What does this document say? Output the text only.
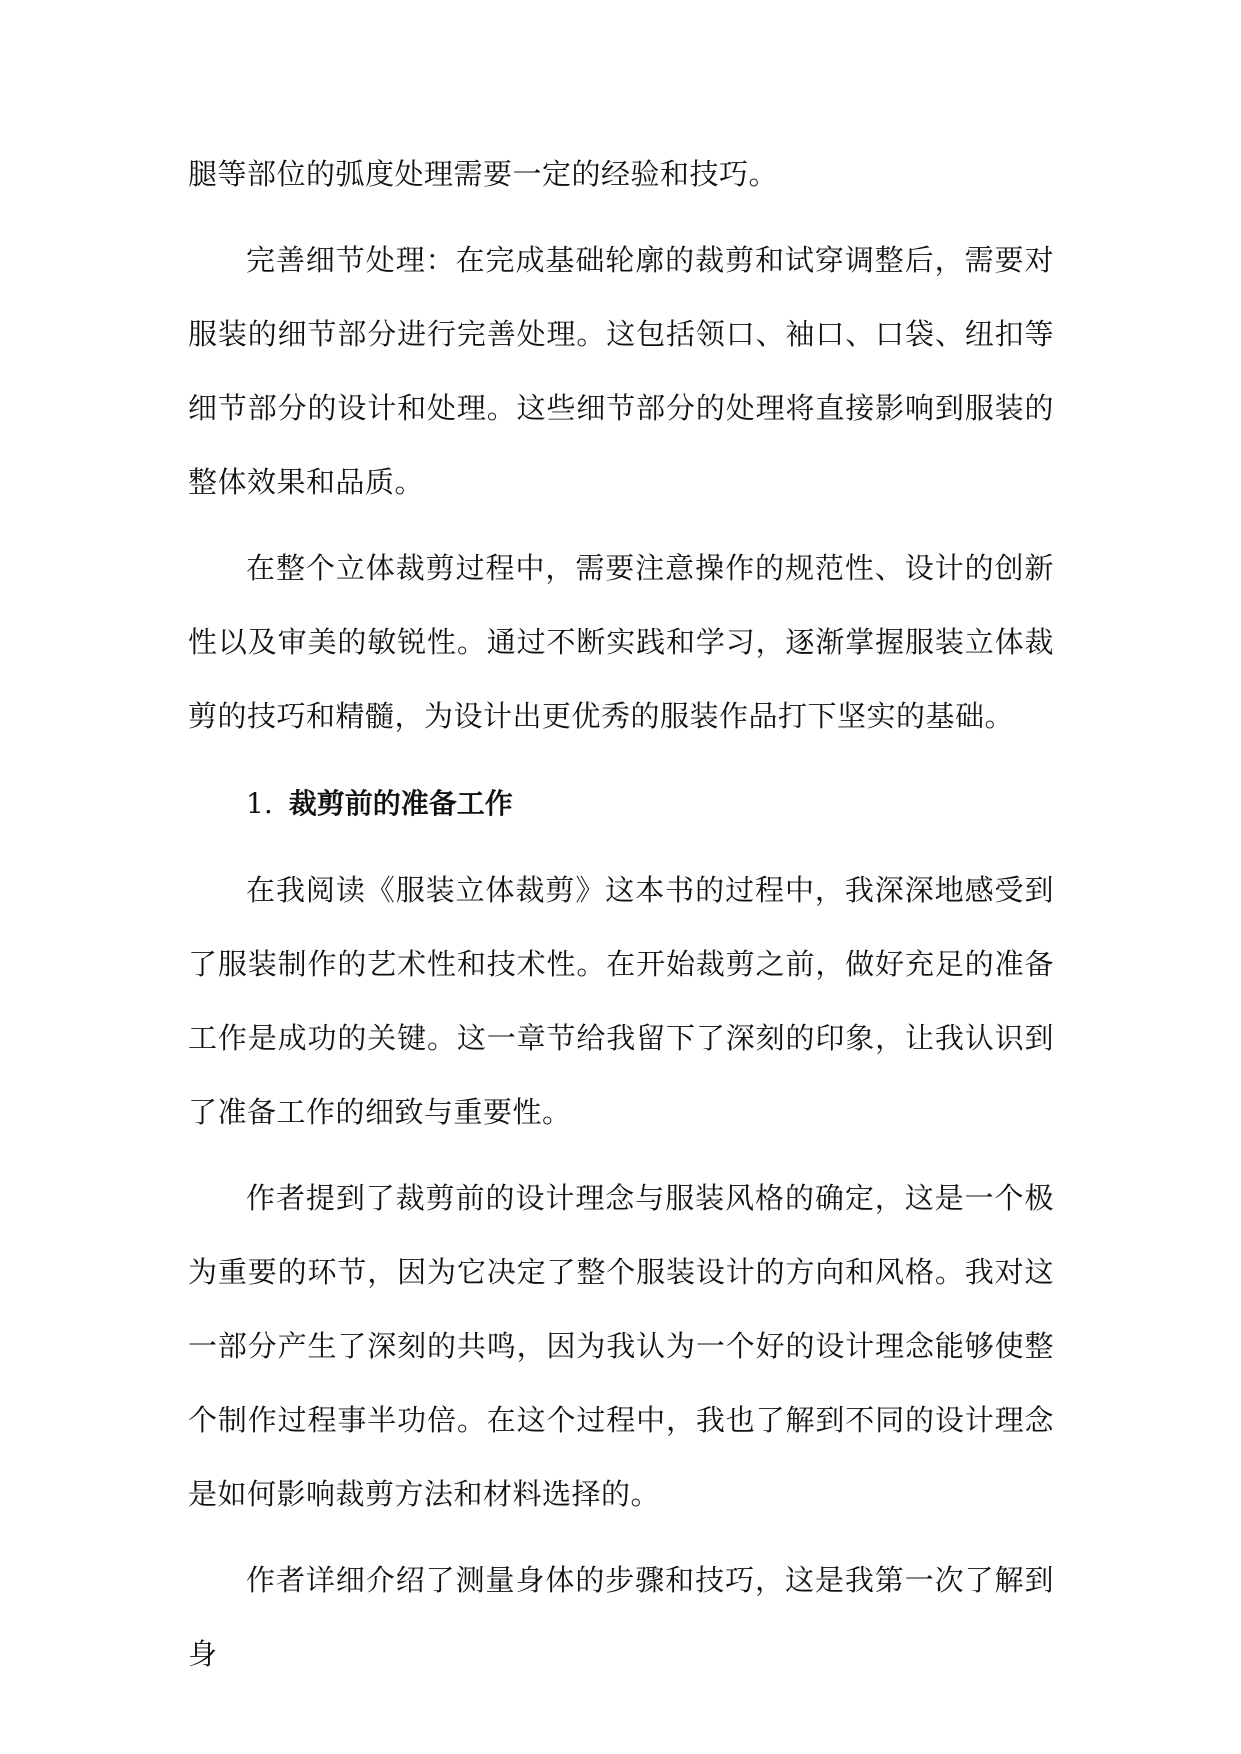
腿等部位的弧度处理需要一定的经验和技巧。

完善细节处理：在完成基础轮廓的裁剪和试穿调整后，需要对服装的细节部分进行完善处理。这包括领口、袖口、口袋、纽扣等细节部分的设计和处理。这些细节部分的处理将直接影响到服装的整体效果和品质。

在整个立体裁剪过程中，需要注意操作的规范性、设计的创新性以及审美的敏锐性。通过不断实践和学习，逐渐掌握服装立体裁剪的技巧和精髓，为设计出更优秀的服装作品打下坚实的基础。

1. 裁剪前的准备工作

在我阅读《服装立体裁剪》这本书的过程中，我深深地感受到了服装制作的艺术性和技术性。在开始裁剪之前，做好充足的准备工作是成功的关键。这一章节给我留下了深刻的印象，让我认识到了准备工作的细致与重要性。

作者提到了裁剪前的设计理念与服装风格的确定，这是一个极为重要的环节，因为它决定了整个服装设计的方向和风格。我对这一部分产生了深刻的共鸣，因为我认为一个好的设计理念能够使整个制作过程事半功倍。在这个过程中，我也了解到不同的设计理念是如何影响裁剪方法和材料选择的。

作者详细介绍了测量身体的步骤和技巧，这是我第一次了解到身
